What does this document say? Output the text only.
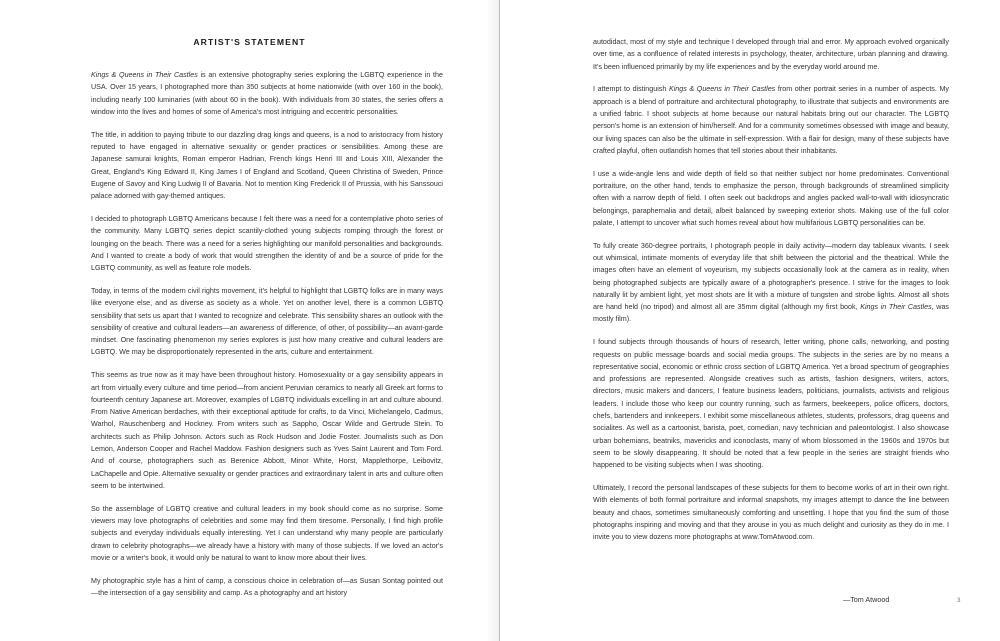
ARTIST'S STATEMENT

Kings & Queens in Their Castles is an extensive photography series exploring the LGBTQ experience in the USA. Over 15 years, I photographed more than 350 subjects at home nationwide (with over 160 in the book), including nearly 100 luminaries (with about 60 in the book). With individuals from 30 states, the series offers a window into the lives and homes of some of America's most intriguing and eccentric personalities.

The title, in addition to paying tribute to our dazzling drag kings and queens, is a nod to aristocracy from history reputed to have engaged in alternative sexuality or gender practices or sensibilities. Among these are Japanese samurai knights, Roman emperor Hadrian, French kings Henri III and Louis XIII, Alexander the Great, England's King Edward II, King James I of England and Scotland, Queen Christina of Sweden, Prince Eugene of Savoy and King Ludwig II of Bavaria. Not to mention King Frederick II of Prussia, with his Sanssouci palace adorned with gay-themed antiques.

I decided to photograph LGBTQ Americans because I felt there was a need for a contemplative photo series of the community. Many LGBTQ series depict scantily-clothed young subjects romping through the forest or lounging on the beach. There was a need for a series highlighting our manifold personalities and backgrounds. And I wanted to create a body of work that would strengthen the identity of and be a source of pride for the LGBTQ community, as well as feature role models.

Today, in terms of the modern civil rights movement, it's helpful to highlight that LGBTQ folks are in many ways like everyone else, and as diverse as society as a whole. Yet on another level, there is a common LGBTQ sensibility that sets us apart that I wanted to recognize and celebrate. This sensibility shares an outlook with the sensibility of creative and cultural leaders—an awareness of difference, of other, of possibility—an avant-garde mindset. One fascinating phenomenon my series explores is just how many creative and cultural leaders are LGBTQ. We may be disproportionately represented in the arts, culture and entertainment.

This seems as true now as it may have been throughout history. Homosexuality or a gay sensibility appears in art from virtually every culture and time period—from ancient Peruvian ceramics to nearly all Greek art forms to fourteenth century Japanese art. Moreover, examples of LGBTQ individuals excelling in art and culture abound. From Native American berdaches, with their exceptional aptitude for crafts, to da Vinci, Michelangelo, Cadmus, Warhol, Rauschenberg and Hockney. From writers such as Sappho, Oscar Wilde and Gertrude Stein. To architects such as Philip Johnson. Actors such as Rock Hudson and Jodie Foster. Journalists such as Don Lemon, Anderson Cooper and Rachel Maddow. Fashion designers such as Yves Saint Laurent and Tom Ford. And of course, photographers such as Berenice Abbott, Minor White, Horst, Mapplethorpe, Leibovitz, LaChapelle and Opie. Alternative sexuality or gender practices and extraordinary talent in arts and culture often seem to be intertwined.

So the assemblage of LGBTQ creative and cultural leaders in my book should come as no surprise. Some viewers may love photographs of celebrities and some may find them tiresome. Personally, I find high profile subjects and everyday individuals equally interesting. Yet I can understand why many people are particularly drawn to celebrity photographs—we already have a history with many of those subjects. If we loved an actor's movie or a writer's book, it would only be natural to want to know more about their lives.

My photographic style has a hint of camp, a conscious choice in celebration of—as Susan Sontag pointed out—the intersection of a gay sensibility and camp. As a photography and art history

autodidact, most of my style and technique I developed through trial and error. My approach evolved organically over time, as a confluence of related interests in psychology, theater, architecture, urban planning and drawing. It's been influenced primarily by my life experiences and by the everyday world around me.

I attempt to distinguish Kings & Queens in Their Castles from other portrait series in a number of aspects. My approach is a blend of portraiture and architectural photography, to illustrate that subjects and environments are a unified fabric. I shoot subjects at home because our natural habitats bring out our character. The LGBTQ person's home is an extension of him/herself. And for a community sometimes obsessed with image and beauty, our living spaces can also be the ultimate in self-expression. With a flair for design, many of these subjects have crafted playful, often outlandish homes that tell stories about their inhabitants.

I use a wide-angle lens and wide depth of field so that neither subject nor home predominates. Conventional portraiture, on the other hand, tends to emphasize the person, through backgrounds of streamlined simplicity often with a narrow depth of field. I often seek out backdrops and angles packed wall-to-wall with idiosyncratic belongings, paraphernalia and detail, albeit balanced by sweeping exterior shots. Making use of the full color palate, I attempt to uncover what such homes reveal about how multifarious LGBTQ personalities can be.

To fully create 360-degree portraits, I photograph people in daily activity—modern day tableaux vivants. I seek out whimsical, intimate moments of everyday life that shift between the pictorial and the theatrical. While the images often have an element of voyeurism, my subjects occasionally look at the camera as in reality, when being photographed subjects are typically aware of a photographer's presence. I strive for the images to look naturally lit by ambient light, yet most shots are lit with a mixture of tungsten and strobe lights. Almost all shots are hand held (no tripod) and almost all are 35mm digital (although my first book, Kings in Their Castles, was mostly film).

I found subjects through thousands of hours of research, letter writing, phone calls, networking, and posting requests on public message boards and social media groups. The subjects in the series are by no means a representative social, economic or ethnic cross section of LGBTQ America. Yet a broad spectrum of geographies and professions are represented. Alongside creatives such as artists, fashion designers, writers, actors, directors, music makers and dancers, I feature business leaders, politicians, journalists, activists and religious leaders. I include those who keep our country running, such as farmers, beekeepers, police officers, doctors, chefs, bartenders and innkeepers. I exhibit some miscellaneous athletes, students, professors, drag queens and socialites. As well as a cartoonist, barista, poet, comedian, navy technician and paleontologist. I also showcase urban bohemians, beatniks, mavericks and iconoclasts, many of whom blossomed in the 1960s and 1970s but seem to be slowly disappearing. It should be noted that a few people in the series are straight friends who happened to be visiting subjects when I was shooting.

Ultimately, I record the personal landscapes of these subjects for them to become works of art in their own right. With elements of both formal portraiture and informal snapshots, my images attempt to dance the line between beauty and chaos, sometimes simultaneously comforting and unsettling. I hope that you find the sum of those photographs inspiring and moving and that they arouse in you as much delight and curiosity as they do in me. I invite you to view dozens more photographs at www.TomAtwood.com.

—Tom Atwood	3
